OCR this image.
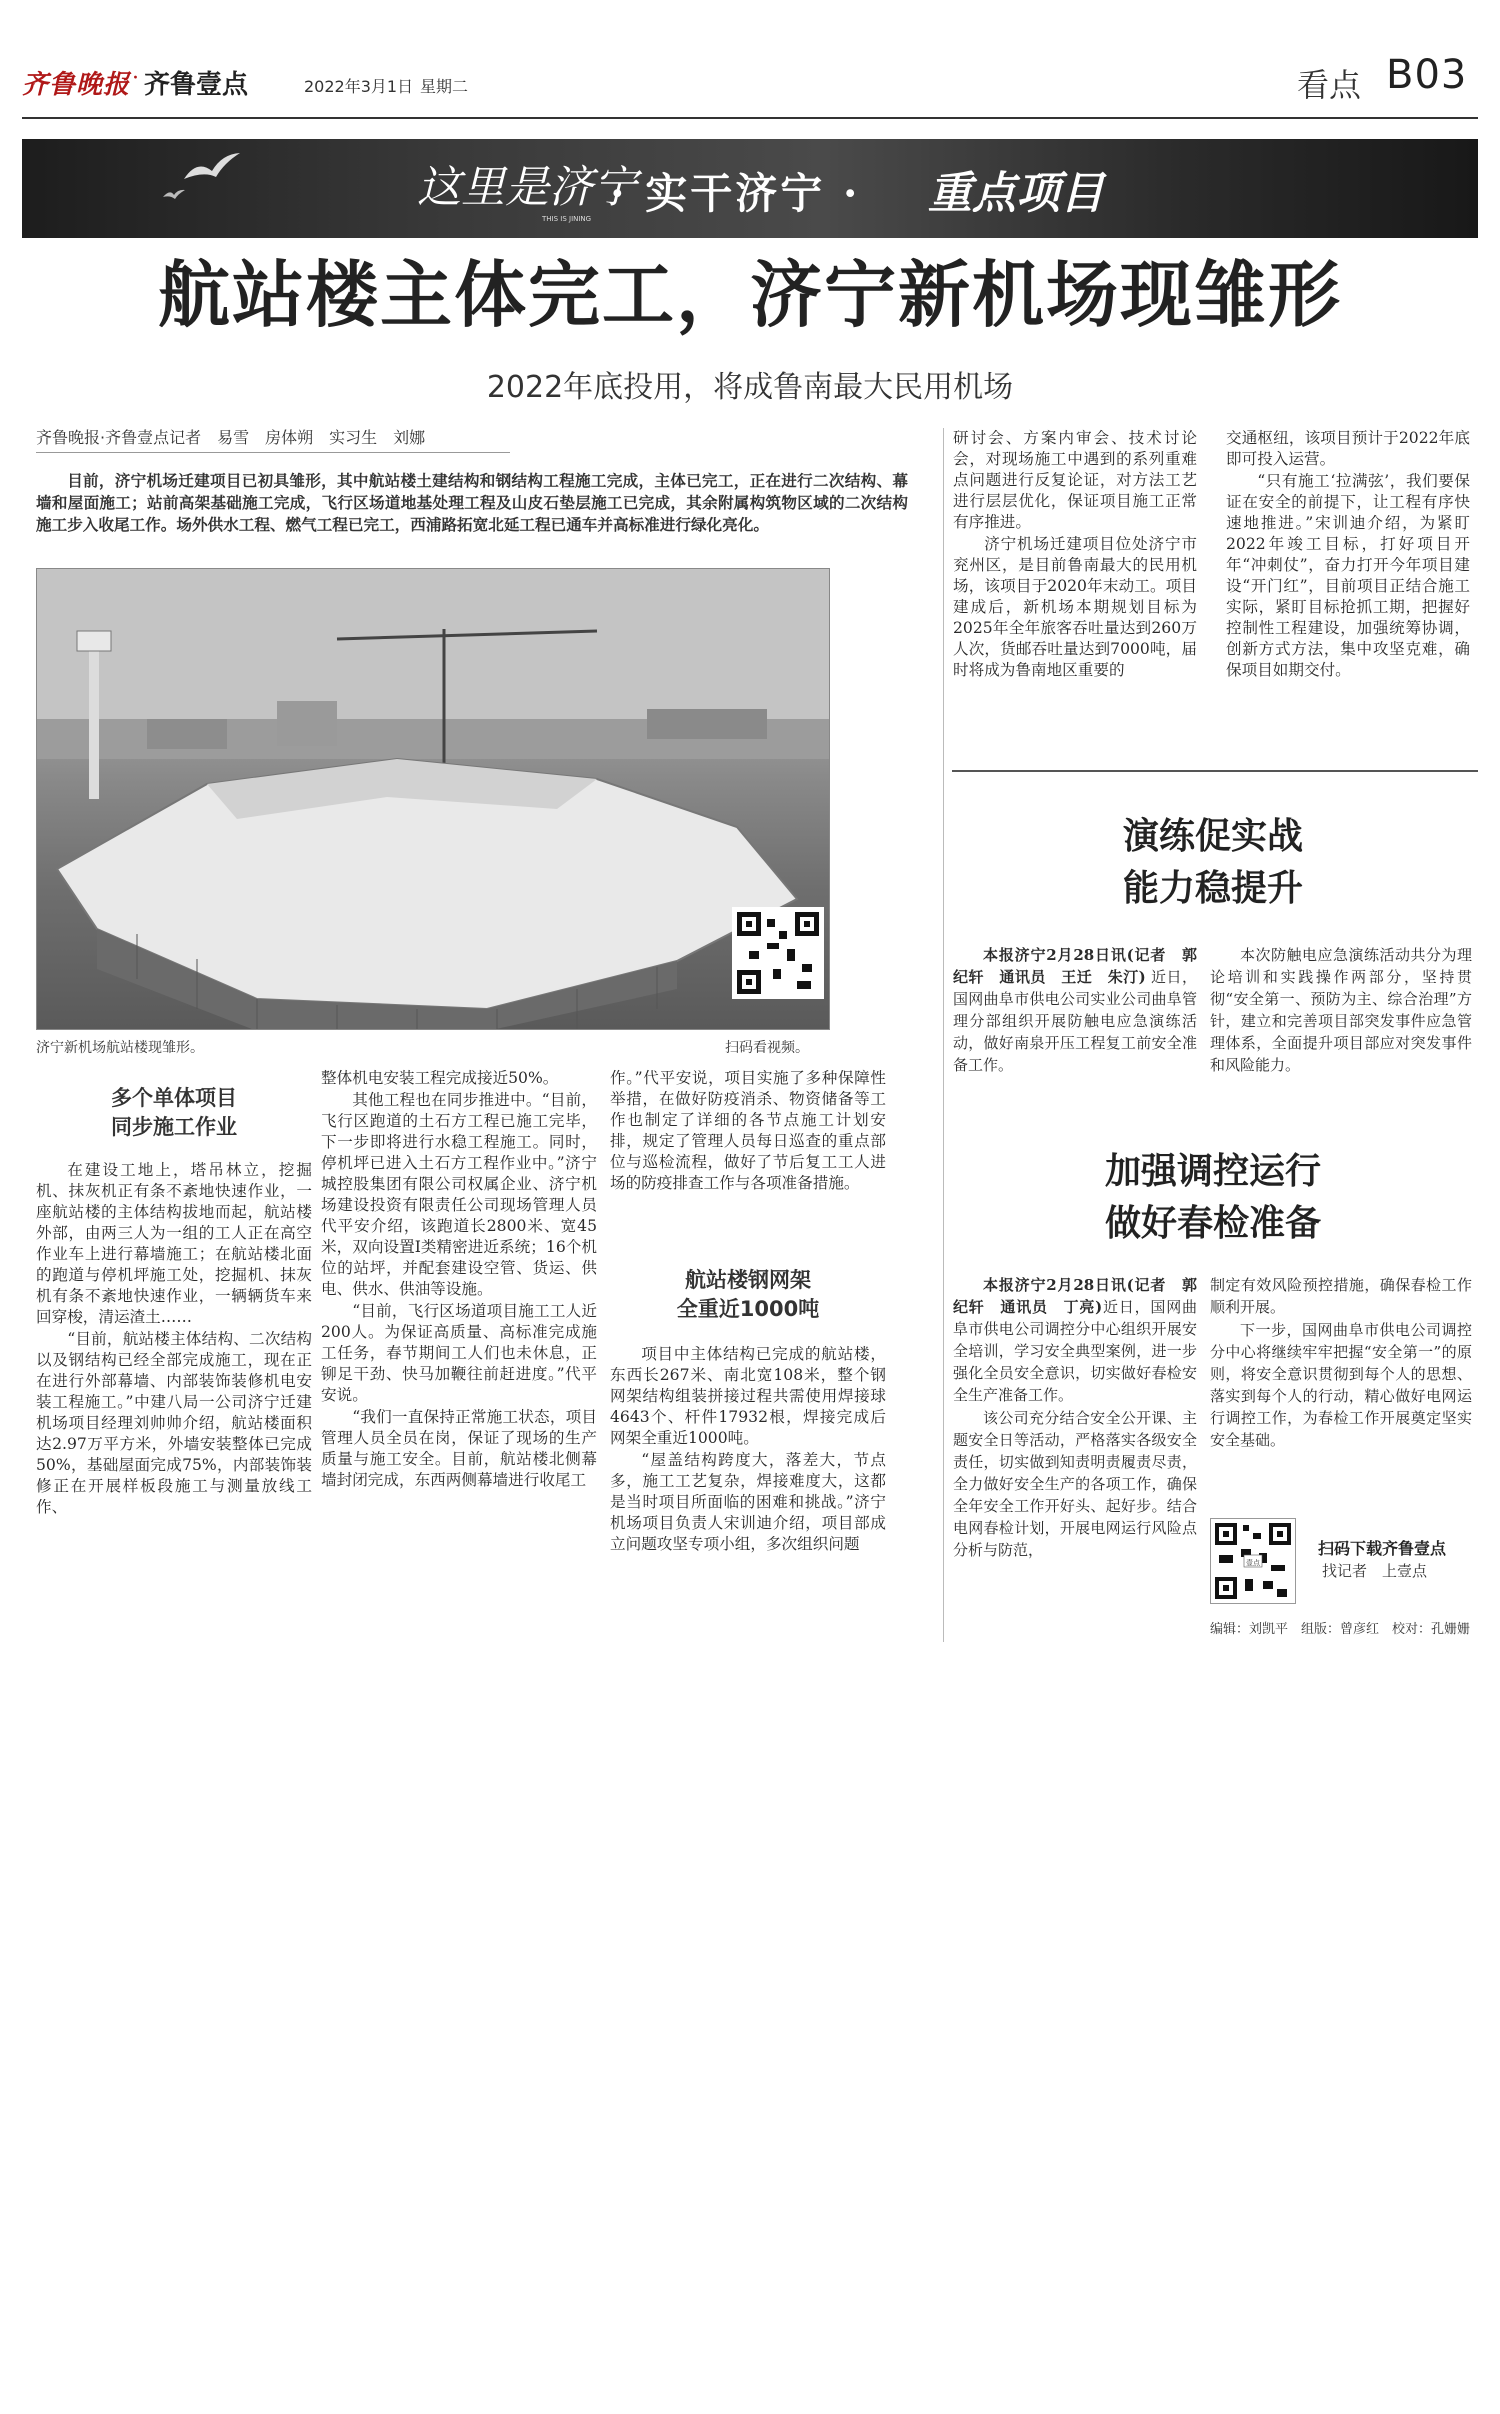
齐鲁晚报 · 齐鲁壹点	2022年3月1日 星期二	看点 B03
这里是济宁
THIS IS JINING
· 实干济宁 · 重点项目
航站楼主体完工，济宁新机场现雏形
2022年底投用，将成鲁南最大民用机场
齐鲁晚报·齐鲁壹点记者　易雪　房体朔　实习生　刘娜
目前，济宁机场迁建项目已初具雏形，其中航站楼土建结构和钢结构工程施工完成，主体已完工，正在进行二次结构、幕墙和屋面施工；站前高架基础施工完成，飞行区场道地基处理工程及山皮石垫层施工已完成，其余附属构筑物区域的二次结构施工步入收尾工作。场外供水工程、燃气工程已完工，西浦路拓宽北延工程已通车并高标准进行绿化亮化。
济宁新机场航站楼现雏形。	扫码看视频。
多个单体项目
同步施工作业

在建设工地上，塔吊林立，挖掘机、抹灰机正有条不紊地快速作业，一座航站楼的主体结构拔地而起，航站楼外部，由两三人为一组的工人正在高空作业车上进行幕墙施工；在航站楼北面的跑道与停机坪施工处，挖掘机、抹灰机有条不紊地快速作业，一辆辆货车来回穿梭，清运渣土……

“目前，航站楼主体结构、二次结构以及钢结构已经全部完成施工，现在正在进行外部幕墙、内部装饰装修机电安装工程施工。”中建八局一公司济宁迁建机场项目经理刘帅帅介绍，航站楼面积达2.97万平方米，外墙安装整体已完成50%，基础屋面完成75%，内部装饰装修正在开展样板段施工与测量放线工作、

整体机电安装工程完成接近50%。

其他工程也在同步推进中。“目前，飞行区跑道的土石方工程已施工完毕，下一步即将进行水稳工程施工。同时，停机坪已进入土石方工程作业中。”济宁城控股集团有限公司权属企业、济宁机场建设投资有限责任公司现场管理人员代平安介绍，该跑道长2800米、宽45米，双向设置Ⅰ类精密进近系统；16个机位的站坪，并配套建设空管、货运、供电、供水、供油等设施。

“目前，飞行区场道项目施工工人近200人。为保证高质量、高标准完成施工任务，春节期间工人们也未休息，正铆足干劲、快马加鞭往前赶进度。”代平安说。

“我们一直保持正常施工状态，项目管理人员全员在岗，保证了现场的生产质量与施工安全。目前，航站楼北侧幕墙封闭完成，东西两侧幕墙进行收尾工

作。”代平安说，项目实施了多种保障性举措，在做好防疫消杀、物资储备等工作也制定了详细的各节点施工计划安排，规定了管理人员每日巡查的重点部位与巡检流程，做好了节后复工工人进场的防疫排查工作与各项准备措施。

航站楼钢网架
全重近1000吨

项目中主体结构已完成的航站楼，东西长267米、南北宽108米，整个钢网架结构组装拼接过程共需使用焊接球4643个、杆件17932根，焊接完成后网架全重近1000吨。

“屋盖结构跨度大，落差大，节点多，施工工艺复杂，焊接难度大，这都是当时项目所面临的困难和挑战。”济宁机场项目负责人宋训迪介绍，项目部成立问题攻坚专项小组，多次组织问题

研讨会、方案内审会、技术讨论会，对现场施工中遇到的系列重难点问题进行反复论证，对方法工艺进行层层优化，保证项目施工正常有序推进。

济宁机场迁建项目位处济宁市兖州区，是目前鲁南最大的民用机场，该项目于2020年末动工。项目建成后，新机场本期规划目标为2025年全年旅客吞吐量达到260万人次，货邮吞吐量达到7000吨，届时将成为鲁南地区重要的

交通枢纽，该项目预计于2022年底即可投入运营。

“只有施工‘拉满弦’，我们要保证在安全的前提下，让工程有序快速地推进。”宋训迪介绍，为紧盯2022年竣工目标，打好项目开年“冲刺仗”，奋力打开今年项目建设“开门红”，目前项目正结合施工实际，紧盯目标抢抓工期，把握好控制性工程建设，加强统筹协调，创新方式方法，集中攻坚克难，确保项目如期交付。

演练促实战
能力稳提升
本报济宁2月28日讯(记者　郭纪轩　通讯员　王迁　朱汀) 近日，国网曲阜市供电公司实业公司曲阜管理分部组织开展防触电应急演练活动，做好南泉开压工程复工前安全准备工作。
本次防触电应急演练活动共分为理论培训和实践操作两部分，坚持贯彻“安全第一、预防为主、综合治理”方针，建立和完善项目部突发事件应急管理体系，全面提升项目部应对突发事件和风险能力。
加强调控运行
做好春检准备

本报济宁2月28日讯(记者　郭纪轩　通讯员　丁亮)近日，国网曲阜市供电公司调控分中心组织开展安全培训，学习安全典型案例，进一步强化全员安全意识，切实做好春检安全生产准备工作。

该公司充分结合安全公开课、主题安全日等活动，严格落实各级安全责任，切实做到知责明责履责尽责，全力做好安全生产的各项工作，确保全年安全工作开好头、起好步。结合电网春检计划，开展电网运行风险点分析与防范，

制定有效风险预控措施，确保春检工作顺利开展。

下一步，国网曲阜市供电公司调控分中心将继续牢牢把握“安全第一”的原则，将安全意识贯彻到每个人的思想、落实到每个人的行动，精心做好电网运行调控工作，为春检工作开展奠定坚实安全基础。

壹点
扫码下载齐鲁壹点
找记者　上壹点
编辑：刘凯平　组版：曾彦红　校对：孔姗姗
